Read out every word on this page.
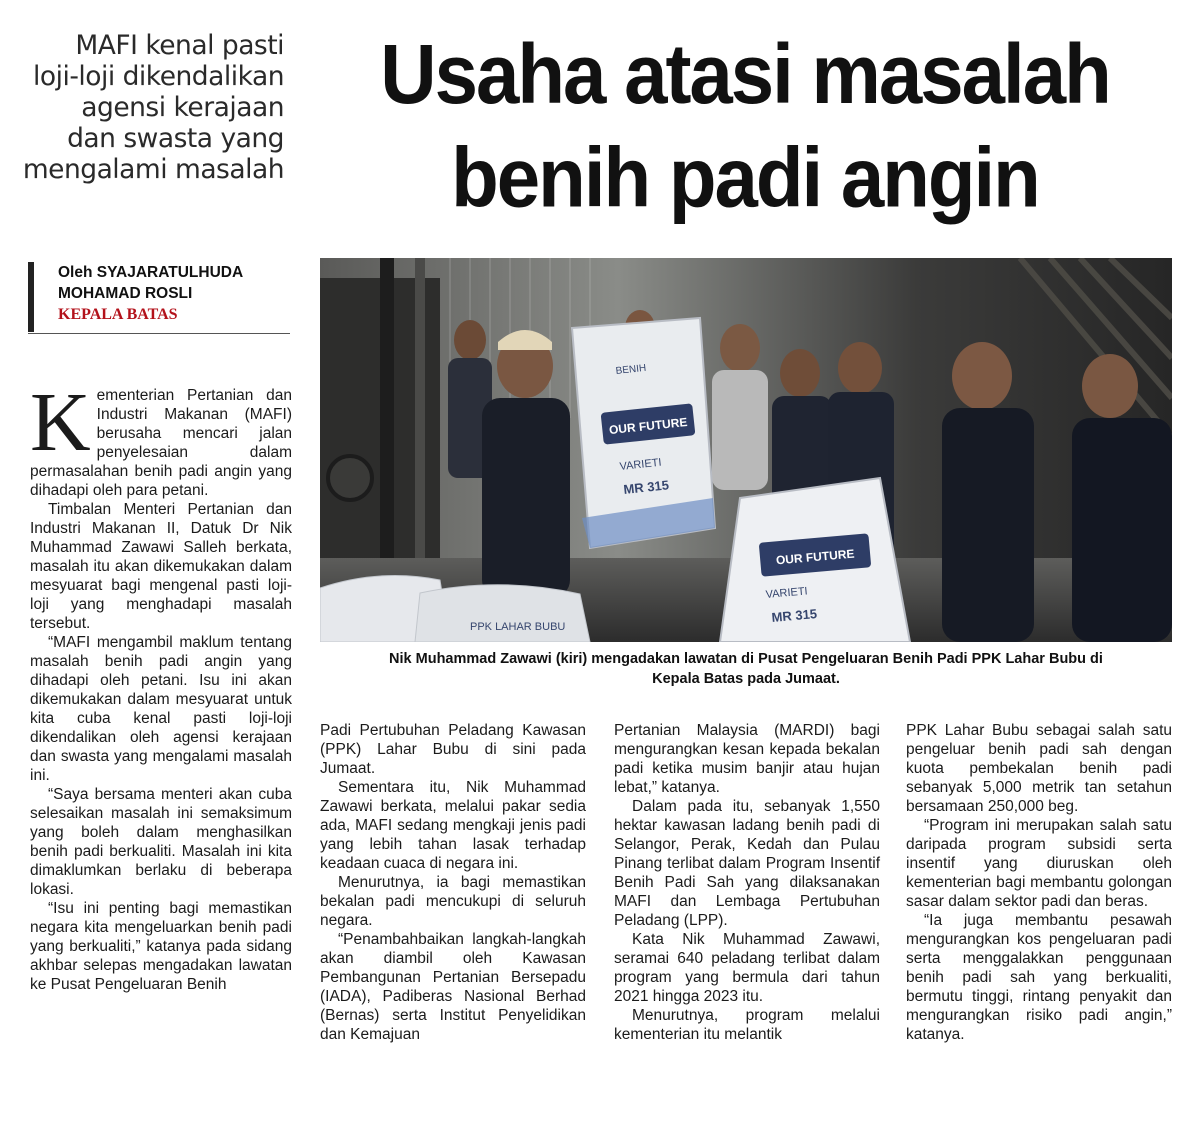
MAFI kenal pasti
loji-loji dikendalikan
agensi kerajaan
dan swasta yang
mengalami masalah
Usaha atasi masalah
benih padi angin
Oleh SYAJARATULHUDA
MOHAMAD ROSLI
KEPALA BATAS
OUR FUTURE
BENIH
VARIETI
MR 315
OUR FUTURE
VARIETI
MR 315
PPK LAHAR BUBU
Nik Muhammad Zawawi (kiri) mengadakan lawatan di Pusat Pengeluaran Benih Padi PPK Lahar Bubu di
Kepala Batas pada Jumaat.
K ementerian Pertanian dan Industri Makanan (MAFI) berusaha mencari jalan penyelesaian dalam permasalahan benih padi angin yang dihadapi oleh para petani.

Timbalan Menteri Pertanian dan Industri Makanan II, Datuk Dr Nik Muhammad Zawawi Salleh berkata, masalah itu akan dikemukakan dalam mesyuarat bagi mengenal pasti loji-loji yang menghadapi masalah tersebut.

“MAFI mengambil maklum tentang masalah benih padi angin yang dihadapi oleh petani. Isu ini akan dikemukakan dalam mesyuarat untuk kita cuba kenal pasti loji-loji dikendalikan oleh agensi kerajaan dan swasta yang mengalami masalah ini.

“Saya bersama menteri akan cuba selesaikan masalah ini semaksimum yang boleh dalam menghasilkan benih padi berkualiti. Masalah ini kita dimaklumkan berlaku di beberapa lokasi.

“Isu ini penting bagi memastikan negara kita mengeluarkan benih padi yang berkualiti,” katanya pada sidang akhbar selepas mengadakan lawatan ke Pusat Pengeluaran Benih

Padi Pertubuhan Peladang Kawasan (PPK) Lahar Bubu di sini pada Jumaat.

Sementara itu, Nik Muhammad Zawawi berkata, melalui pakar sedia ada, MAFI sedang mengkaji jenis padi yang lebih tahan lasak terhadap keadaan cuaca di negara ini.

Menurutnya, ia bagi memastikan bekalan padi mencukupi di seluruh negara.

“Penambahbaikan langkah-langkah akan diambil oleh Kawasan Pembangunan Pertanian Bersepadu (IADA), Padiberas Nasional Berhad (Bernas) serta Institut Penyelidikan dan Kemajuan

Pertanian Malaysia (MARDI) bagi mengurangkan kesan kepada bekalan padi ketika musim banjir atau hujan lebat,” katanya.

Dalam pada itu, sebanyak 1,550 hektar kawasan ladang benih padi di Selangor, Perak, Kedah dan Pulau Pinang terlibat dalam Program Insentif Benih Padi Sah yang dilaksanakan MAFI dan Lembaga Pertubuhan Peladang (LPP).

Kata Nik Muhammad Zawawi, seramai 640 peladang terlibat dalam program yang bermula dari tahun 2021 hingga 2023 itu.

Menurutnya, program melalui kementerian itu melantik

PPK Lahar Bubu sebagai salah satu pengeluar benih padi sah dengan kuota pembekalan benih padi sebanyak 5,000 metrik tan setahun bersamaan 250,000 beg.

“Program ini merupakan salah satu daripada program subsidi serta insentif yang diuruskan oleh kementerian bagi membantu golongan sasar dalam sektor padi dan beras.

“Ia juga membantu pesawah mengurangkan kos pengeluaran padi serta menggalakkan penggunaan benih padi sah yang berkualiti, bermutu tinggi, rintang penyakit dan mengurangkan risiko padi angin,” katanya.
